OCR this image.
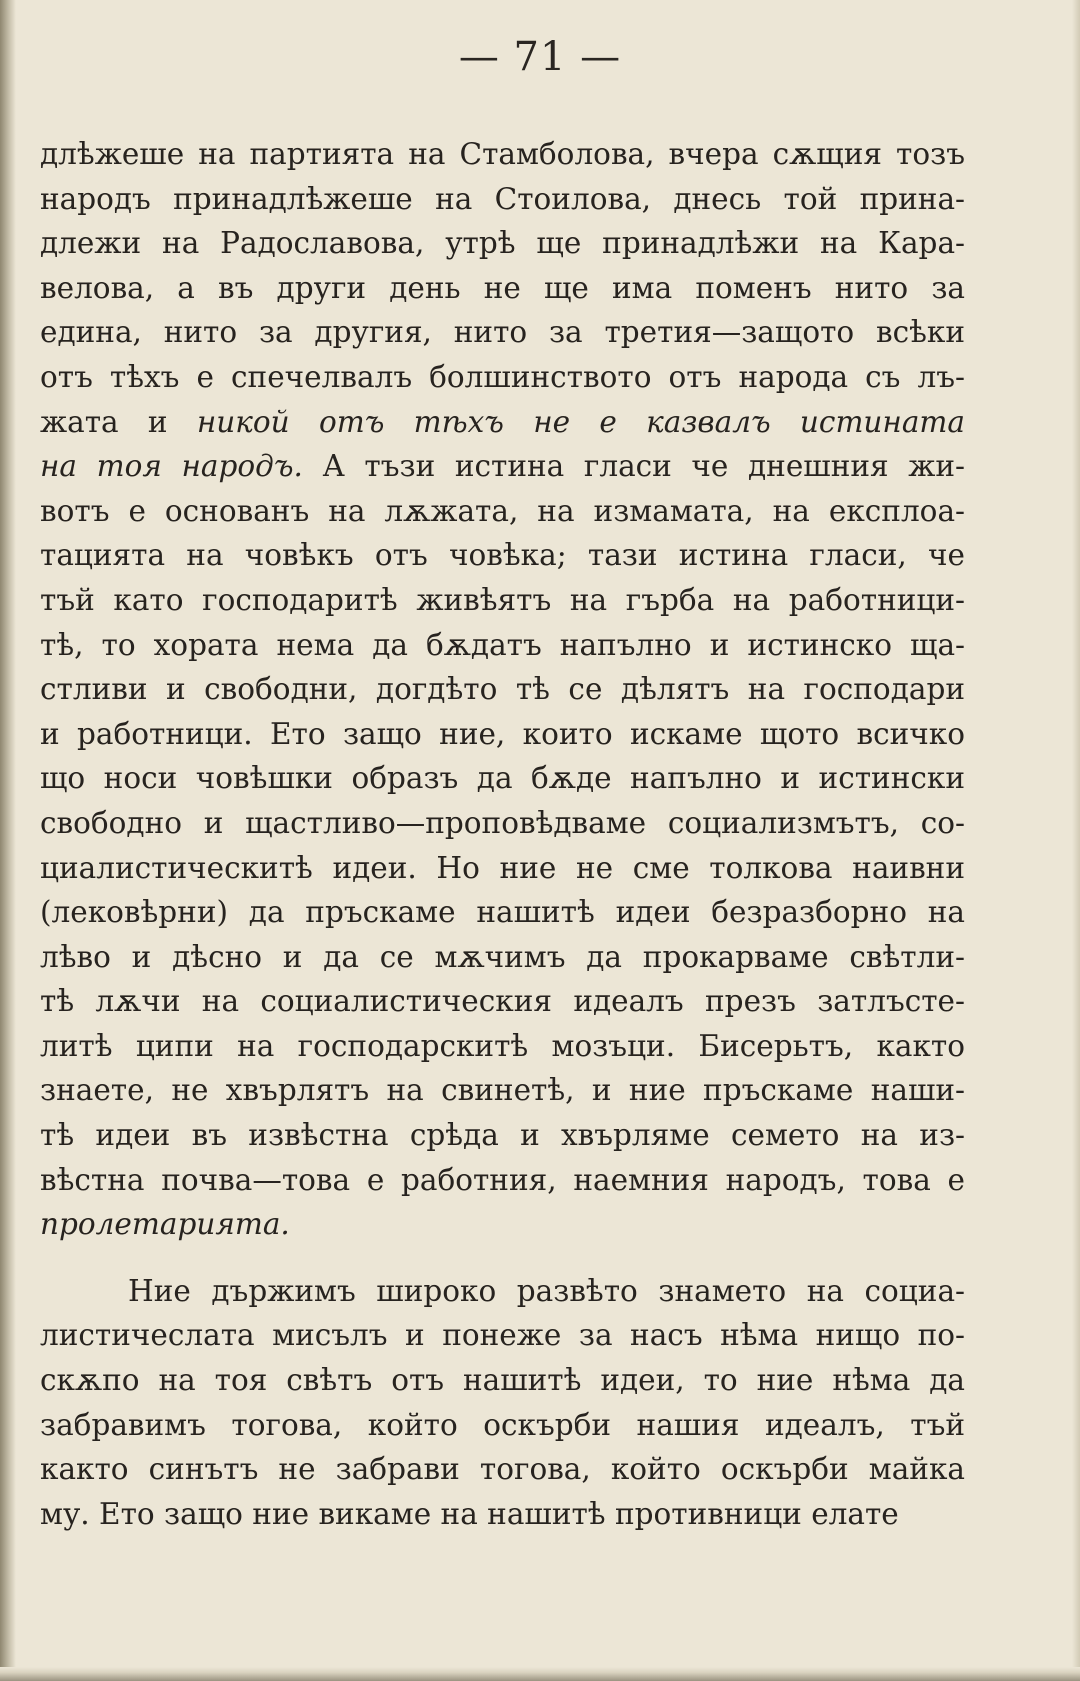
— 71 —
длѣжеше на партията на Стамболова, вчера сѫщия тозъ
народъ принадлѣжеше на Стоилова, днесь той прина-
длежи на Радославова, утрѣ ще принадлѣжи на Кара-
велова, а въ други день не ще има поменъ нито за
единa, нито за другия, нито за третия—защото всѣки
отъ тѣхъ е спечелвалъ болшинството отъ народа съ лъ-
жата и никой отъ тѣхъ не е казвалъ истината
на тоя народъ. А тъзи истина гласи че днешния жи-
вотъ е основанъ на лѫжата, на измамата, на експлоа-
тацията на човѣкъ отъ човѣка; тази истина гласи, че
тъй като господаритѣ живѣятъ на гърба на работници-
тѣ, то хората нема да бѫдатъ напълно и истинско щa-
стливи и свободни, догдѣто тѣ се дѣлятъ на господари
и работници. Ето защо ние, които искаме щото всичко
що носи човѣшки образъ да бѫде напълно и истински
свободно и щастливо—проповѣдваме социализмътъ, со-
циалистическитѣ идеи. Но ние не сме толкова наивни
(лековѣрни) да пръскаме нашитѣ идеи безразборно на
лѣво и дѣсно и да се мѫчимъ да прокарваме свѣтли-
тѣ лѫчи на социалистическия идеалъ презъ затлъсте-
литѣ ципи на господарскитѣ мозъци. Бисерьтъ, както
знаете, не хвърлятъ на свинетѣ, и ние пръскаме наши-
тѣ идеи въ извѣстна срѣда и хвърляме семето на из-
вѣстна почва—това е работния, наемния народъ, това е
пролетарията.
Ние държимъ широко развѣто знамето на социа-
листичеслата мисълъ и понеже за насъ нѣма нищо по-
скѫпо на тоя свѣтъ отъ нашитѣ идеи, то ние нѣма да
забравимъ тогова, който оскърби нашия идеалъ, тъй
както синътъ не забрави тогова, който оскърби майка
му. Ето защо ние викаме на нашитѣ противници елате
